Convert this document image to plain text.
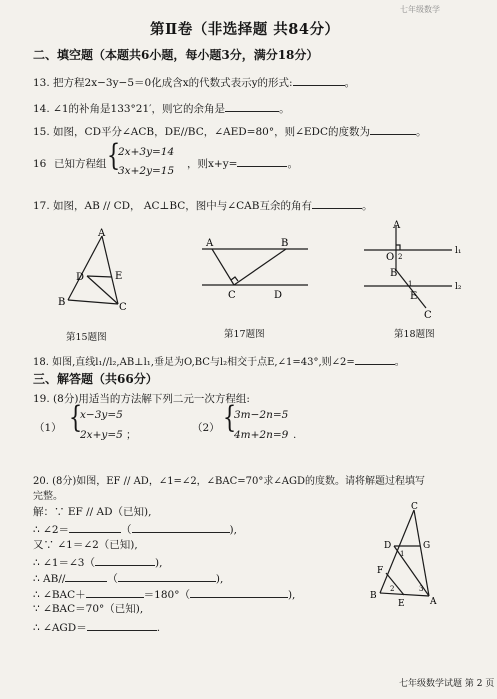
七年级数学
第Ⅱ卷（非选择题 共84分）
二、填空题（本题共6小题，每小题3分，满分18分）
13. 把方程2x−3y−5＝0化成含x的代数式表示y的形式:	。
14. ∠1的补角是133°21′，则它的余角是	。
15. 如图，CD平分∠ACB，DE//BC，∠AED=80°，则∠EDC的度数为	。
16 已知方程组 {
2x+3y=14
3x+2y=15
，则x+y=	。
17. 如图，AB // CD， AC⊥BC，图中与∠CAB互余的角有	。
A
D	E
B	C
第15题图
A	B
C	D
第17题图
A
O 2
B
1
E
C
l₁
l₂
第18题图
18. 如图,直线l₁//l₂,AB⊥l₁,垂足为O,BC与l₂相交于点E,∠1=43°,则∠2=	。
三、解答题（共66分）
19. (8分)用适当的方法解下列二元一次方程组:
（1） {
x−3y=5
2x+y=5 ；
（2） {
3m−2n=5
4m+2n=9 .
20. (8分)如图，EF // AD，∠1=∠2，∠BAC=70°求∠AGD的度数。请将解题过程填写
完整。
解：∵ EF // AD（已知),
∴ ∠2＝	（	),
又∵ ∠1＝∠2（已知),
∴ ∠1＝∠3（	),
∴ AB//	（	),
∴ ∠BAC＋	＝180°（	),
∵ ∠BAC＝70°（已知),
∴ ∠AGD＝	.
C
D	G
1
F
2	3
B
E	A
七年级数学试题 第 2 页
